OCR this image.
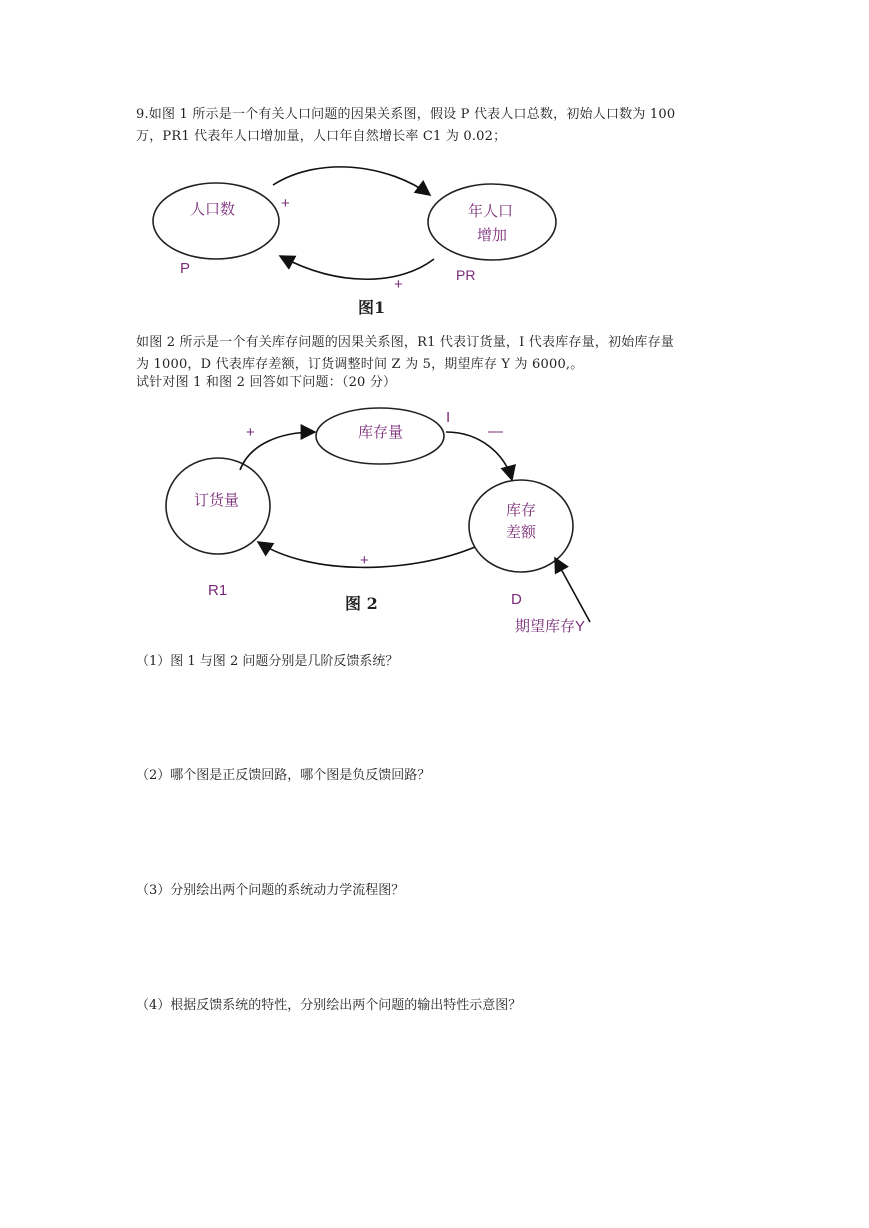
9.如图 1 所示是一个有关人口问题的因果关系图，假设 P 代表人口总数，初始人口数为 100
万，PR1 代表年人口增加量，人口年自然增长率 C1 为 0.02；
人口数	年人口
增加
+
+
P	PR
图1
如图 2 所示是一个有关库存问题的因果关系图，R1 代表订货量，I 代表库存量，初始库存量
为 1000，D 代表库存差额，订货调整时间 Z 为 5，期望库存 Y 为 6000,。
试针对图 1 和图 2 回答如下问题：（20 分）
库存量
订货量
库存
差额
+
I
—
+
R1
D
期望库存Y
图 2
（1）图 1 与图 2 问题分别是几阶反馈系统？
（2）哪个图是正反馈回路，哪个图是负反馈回路？
（3）分别绘出两个问题的系统动力学流程图？
（4）根据反馈系统的特性，分别绘出两个问题的输出特性示意图？
